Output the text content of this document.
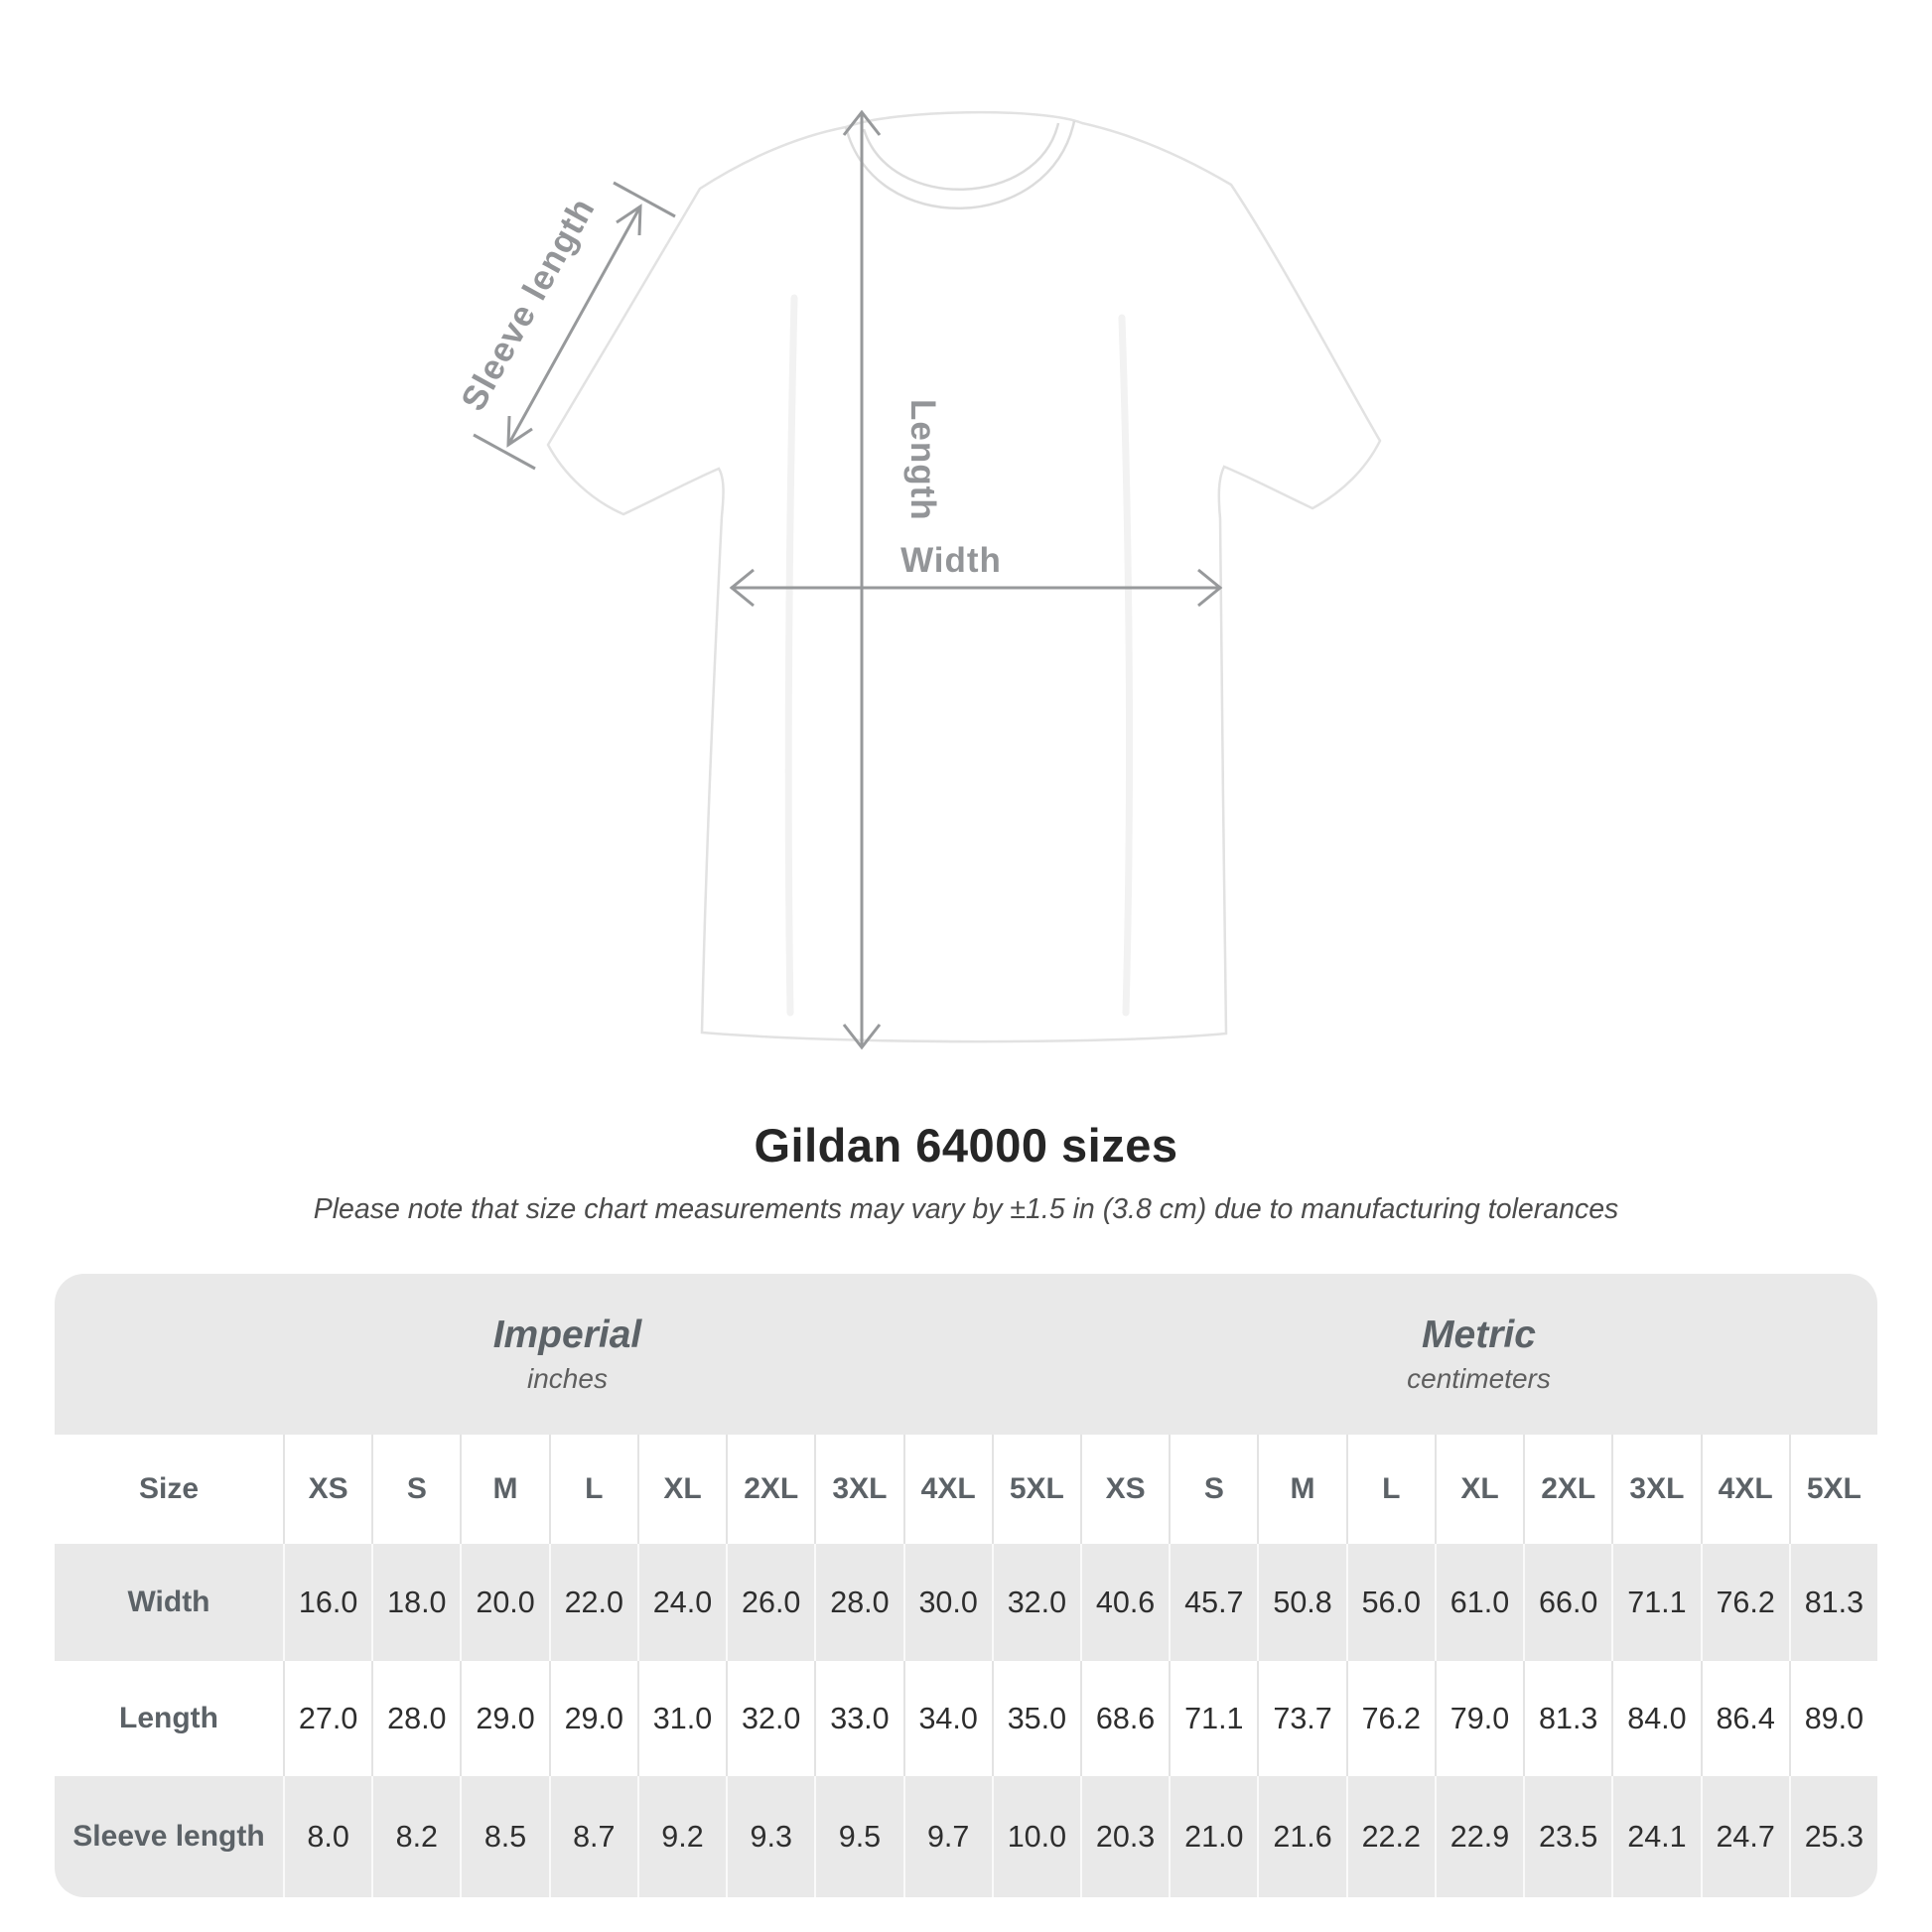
Length
Width
Sleeve length
Gildan 64000 sizes
Please note that size chart measurements may vary by ±1.5 in (3.8 cm) due to manufacturing tolerances
Imperial
inches
Metric
centimeters
Size	XS	S	M	L	XL	2XL	3XL	4XL	5XL	XS	S	M	L	XL	2XL	3XL	4XL	5XL
Width	16.0 18.0 20.0 22.0 24.0 26.0 28.0 30.0 32.0 40.6 45.7 50.8 56.0 61.0 66.0 71.1 76.2 81.3
Length	27.0 28.0 29.0 29.0 31.0 32.0 33.0 34.0 35.0 68.6 71.1 73.7 76.2 79.0 81.3 84.0 86.4 89.0
Sleeve length	8.0	8.2	8.5	8.7	9.2	9.3	9.5	9.7	10.0 20.3 21.0 21.6 22.2 22.9 23.5 24.1 24.7 25.3
